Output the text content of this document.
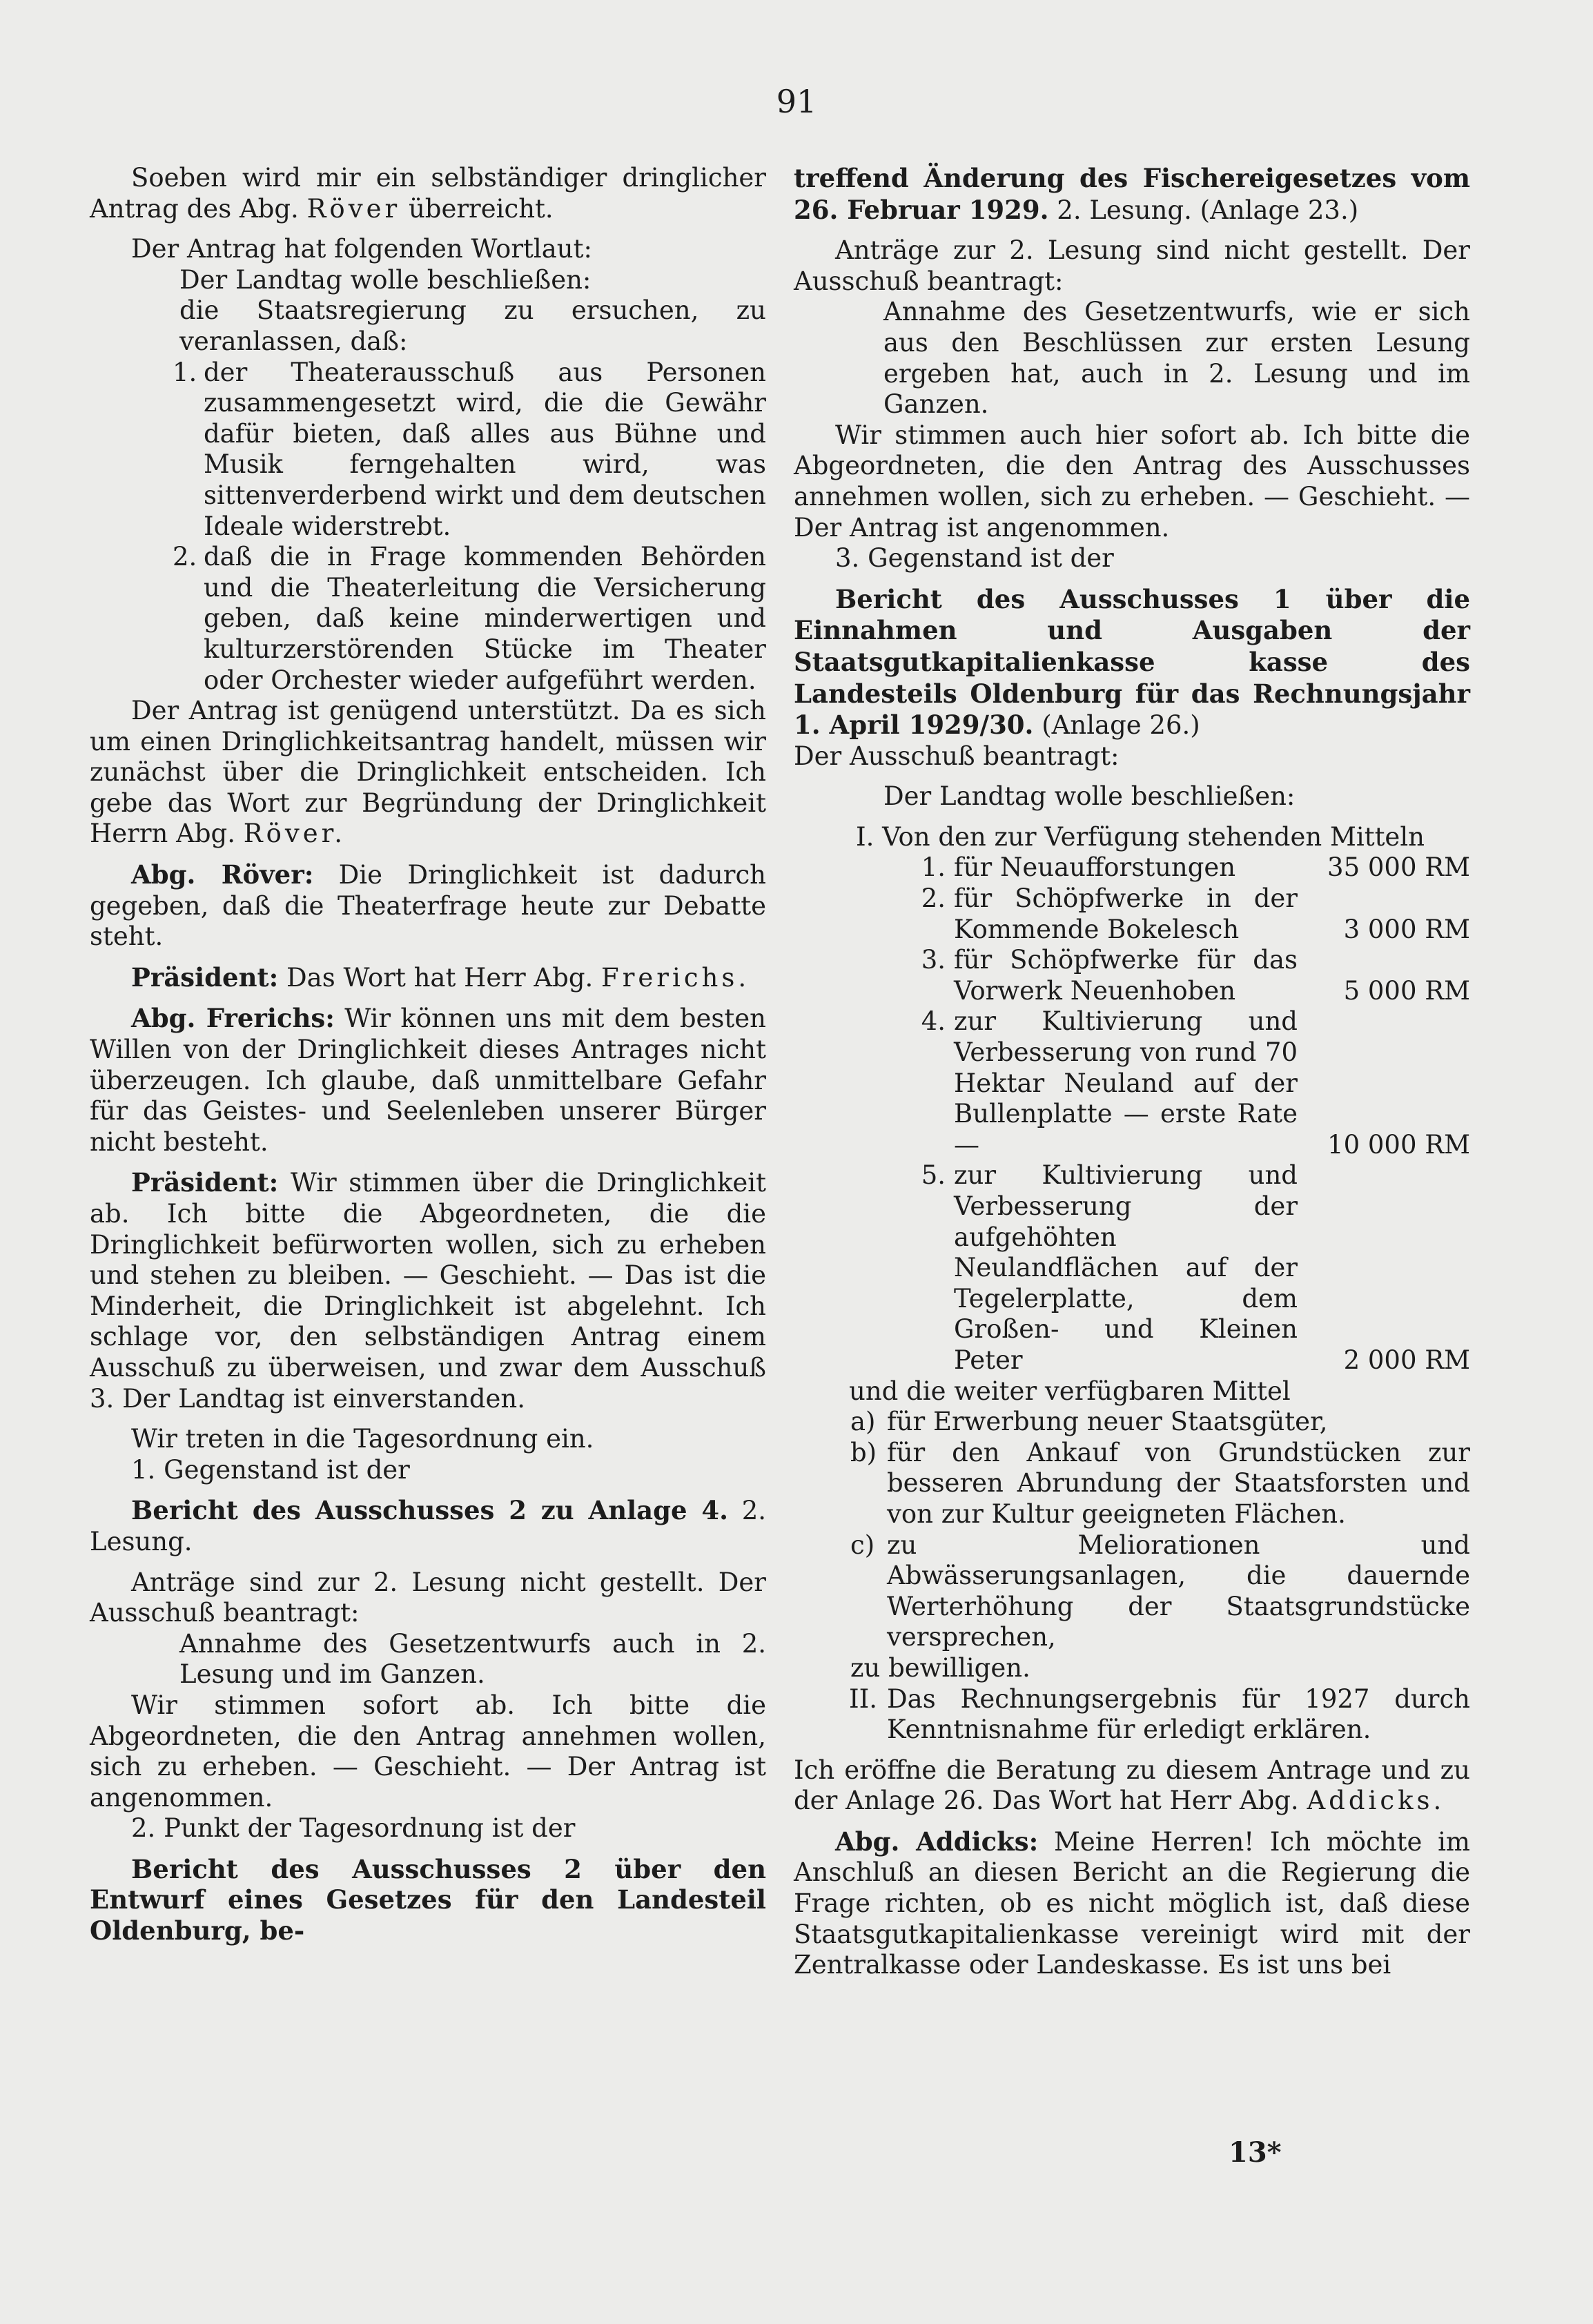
91

Soeben wird mir ein selbständiger dringlicher Antrag des Abg. Röver überreicht.

Der Antrag hat folgenden Wortlaut:

Der Landtag wolle beschließen:

die Staatsregierung zu ersuchen, zu veranlassen, daß:

1. der Theaterausschuß aus Personen zusammengesetzt wird, die die Gewähr dafür bieten, daß alles aus Bühne und Musik ferngehalten wird, was sittenverderbend wirkt und dem deutschen Ideale widerstrebt.

2. daß die in Frage kommenden Behörden und die Theaterleitung die Versicherung geben, daß keine minderwertigen und kulturzerstörenden Stücke im Theater oder Orchester wieder aufgeführt werden.

Der Antrag ist genügend unterstützt. Da es sich um einen Dringlichkeitsantrag handelt, müssen wir zunächst über die Dringlichkeit entscheiden. Ich gebe das Wort zur Begründung der Dringlichkeit Herrn Abg. Röver.

Abg. Röver: Die Dringlichkeit ist dadurch gegeben, daß die Theaterfrage heute zur Debatte steht.

Präsident: Das Wort hat Herr Abg. Frerichs.

Abg. Frerichs: Wir können uns mit dem besten Willen von der Dringlichkeit dieses Antrages nicht überzeugen. Ich glaube, daß unmittelbare Gefahr für das Geistes- und Seelenleben unserer Bürger nicht besteht.

Präsident: Wir stimmen über die Dringlichkeit ab. Ich bitte die Abgeordneten, die die Dringlichkeit befürworten wollen, sich zu erheben und stehen zu bleiben. — Geschieht. — Das ist die Minderheit, die Dringlichkeit ist abgelehnt. Ich schlage vor, den selbständigen Antrag einem Ausschuß zu überweisen, und zwar dem Ausschuß 3. Der Landtag ist einverstanden.

Wir treten in die Tagesordnung ein.

1. Gegenstand ist der

Bericht des Ausschusses 2 zu Anlage 4. 2. Lesung.

Anträge sind zur 2. Lesung nicht gestellt. Der Ausschuß beantragt:

Annahme des Gesetzentwurfs auch in 2. Lesung und im Ganzen.

Wir stimmen sofort ab. Ich bitte die Abgeordneten, die den Antrag annehmen wollen, sich zu erheben. — Geschieht. — Der Antrag ist angenommen.

2. Punkt der Tagesordnung ist der

Bericht des Ausschusses 2 über den Entwurf eines Gesetzes für den Landesteil Oldenburg, be-

treffend Änderung des Fischereigesetzes vom 26. Februar 1929. 2. Lesung. (Anlage 23.)

Anträge zur 2. Lesung sind nicht gestellt. Der Ausschuß beantragt:

Annahme des Gesetzentwurfs, wie er sich aus den Beschlüssen zur ersten Lesung ergeben hat, auch in 2. Lesung und im Ganzen.

Wir stimmen auch hier sofort ab. Ich bitte die Abgeordneten, die den Antrag des Ausschusses annehmen wollen, sich zu erheben. — Geschieht. — Der Antrag ist angenommen.

3. Gegenstand ist der

Bericht des Ausschusses 1 über die Einnahmen und Ausgaben der Staatsgutkapitalienkasse kasse des Landesteils Oldenburg für das Rechnungsjahr 1. April 1929/30. (Anlage 26.)

Der Ausschuß beantragt:

Der Landtag wolle beschließen:

I. Von den zur Verfügung stehenden Mitteln

1. für Neuaufforstungen	35 000 RM
2. für Schöpfwerke in der Kommende Bokelesch	3 000 RM
3. für Schöpfwerke für das Vorwerk Neuenhoben	5 000 RM
4. zur Kultivierung und Verbesserung von rund 70 Hektar Neuland auf der Bullenplatte — erste Rate —	10 000 RM
5. zur Kultivierung und Verbesserung der aufgehöhten Neulandflächen auf der Tegelerplatte, dem Großen- und Kleinen Peter	2 000 RM

und die weiter verfügbaren Mittel

a) für Erwerbung neuer Staatsgüter,

b) für den Ankauf von Grundstücken zur besseren Abrundung der Staatsforsten und von zur Kultur geeigneten Flächen.

c) zu Meliorationen und Abwässerungsanlagen, die dauernde Werterhöhung der Staatsgrundstücke versprechen,

zu bewilligen.

II. Das Rechnungsergebnis für 1927 durch Kenntnisnahme für erledigt erklären.

Ich eröffne die Beratung zu diesem Antrage und zu der Anlage 26. Das Wort hat Herr Abg. Addicks.

Abg. Addicks: Meine Herren! Ich möchte im Anschluß an diesen Bericht an die Regierung die Frage richten, ob es nicht möglich ist, daß diese Staatsgutkapitalienkasse vereinigt wird mit der Zentralkasse oder Landeskasse. Es ist uns bei

13*
